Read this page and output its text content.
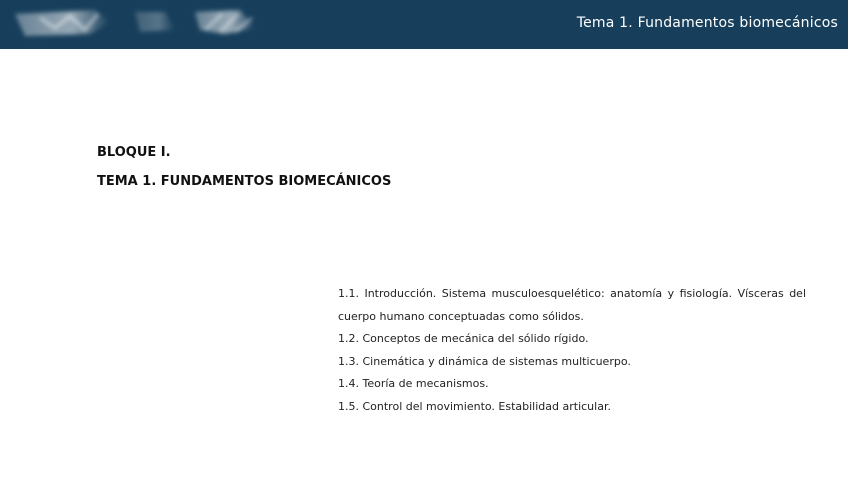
Tema 1. Fundamentos biomecánicos
BLOQUE I.
TEMA 1. FUNDAMENTOS BIOMECÁNICOS
1.1. Introducción. Sistema musculoesquelético: anatomía y fisiología. Vísceras del cuerpo humano conceptuadas como sólidos.
1.2. Conceptos de mecánica del sólido rígido.
1.3. Cinemática y dinámica de sistemas multicuerpo.
1.4. Teoría de mecanismos.
1.5. Control del movimiento. Estabilidad articular.
